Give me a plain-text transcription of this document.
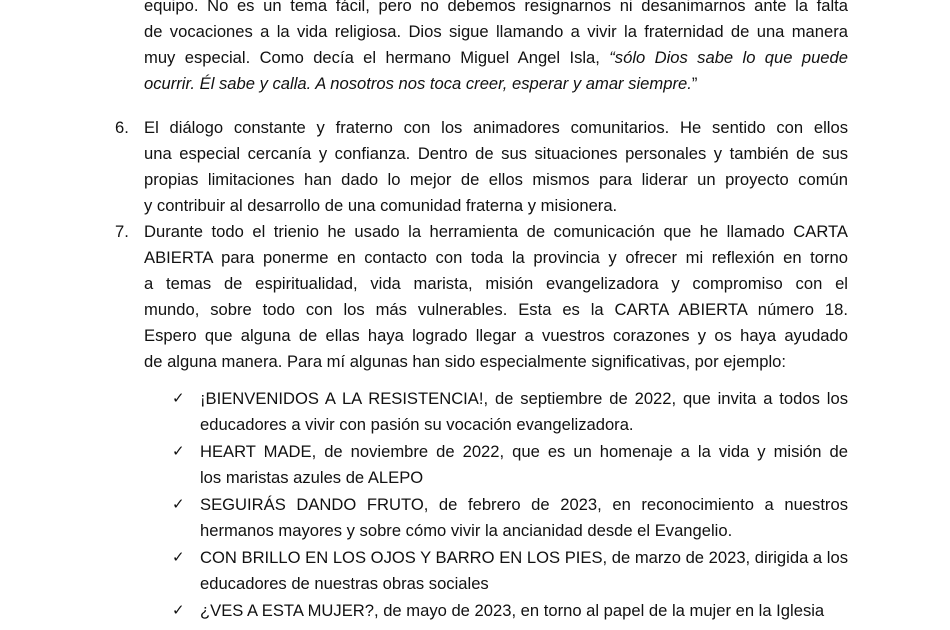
equipo. No es un tema fácil, pero no debemos resignarnos ni desanimarnos ante la falta
de vocaciones a la vida religiosa. Dios sigue llamando a vivir la fraternidad de una manera
muy especial. Como decía el hermano Miguel Angel Isla, “sólo Dios sabe lo que puede
ocurrir. Él sabe y calla. A nosotros nos toca creer, esperar y amar siempre.”
6. El diálogo constante y fraterno con los animadores comunitarios. He sentido con ellos
una especial cercanía y confianza. Dentro de sus situaciones personales y también de sus
propias limitaciones han dado lo mejor de ellos mismos para liderar un proyecto común
y contribuir al desarrollo de una comunidad fraterna y misionera.
7. Durante todo el trienio he usado la herramienta de comunicación que he llamado CARTA
ABIERTA para ponerme en contacto con toda la provincia y ofrecer mi reflexión en torno
a temas de espiritualidad, vida marista, misión evangelizadora y compromiso con el
mundo, sobre todo con los más vulnerables. Esta es la CARTA ABIERTA número 18.
Espero que alguna de ellas haya logrado llegar a vuestros corazones y os haya ayudado
de alguna manera. Para mí algunas han sido especialmente significativas, por ejemplo:
✓ ¡BIENVENIDOS A LA RESISTENCIA!, de septiembre de 2022, que invita a todos los
educadores a vivir con pasión su vocación evangelizadora.
✓ HEART MADE, de noviembre de 2022, que es un homenaje a la vida y misión de
los maristas azules de ALEPO
✓ SEGUIRÁS DANDO FRUTO, de febrero de 2023, en reconocimiento a nuestros
hermanos mayores y sobre cómo vivir la ancianidad desde el Evangelio.
✓ CON BRILLO EN LOS OJOS Y BARRO EN LOS PIES, de marzo de 2023, dirigida a los
educadores de nuestras obras sociales
✓ ¿VES A ESTA MUJER?, de mayo de 2023, en torno al papel de la mujer en la Iglesia
